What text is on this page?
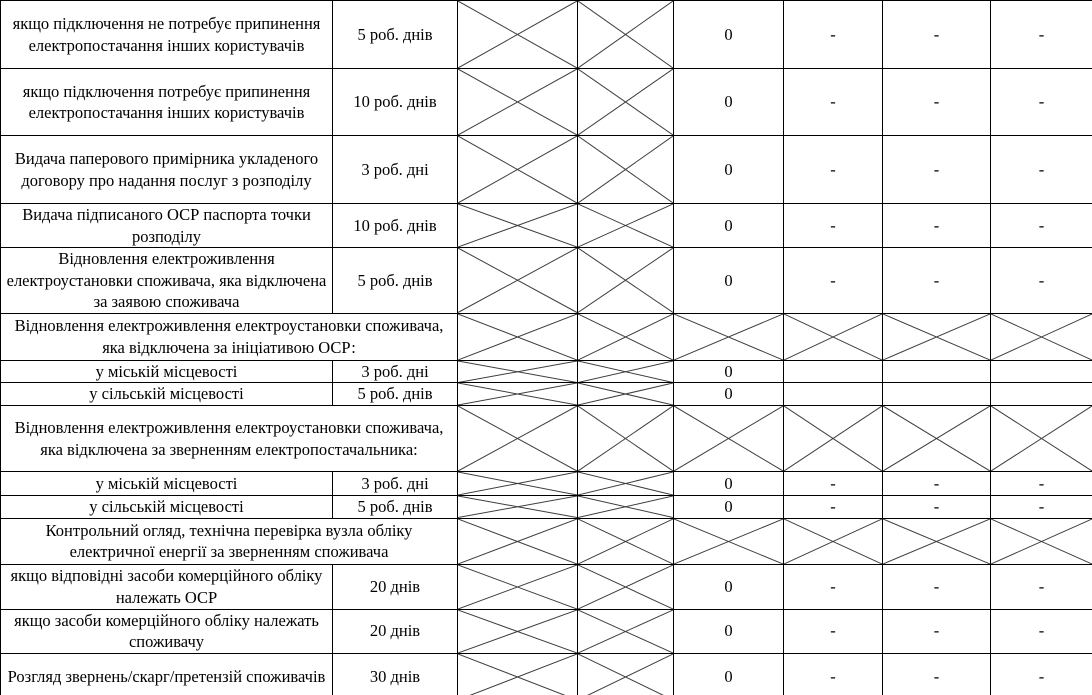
якщо підключення не потребує припинення електропостачання інших користувачів	5 роб. днів			0	-	-	-
якщо підключення потребує припинення електропостачання інших користувачів	10 роб. днів			0	-	-	-
Видача паперового примірника укладеного договору про надання послуг з розподілу	3 роб. дні			0	-	-	-
Видача підписаного ОСР паспорта точки розподілу	10 роб. днів			0	-	-	-
Відновлення електроживлення електроустановки споживача, яка відключена за заявою споживача	5 роб. днів			0	-	-	-
Відновлення електроживлення електроустановки споживача, яка відключена за ініціативою ОСР:	

у міській місцевості	3 роб. дні			0			
у сільській місцевості	5 роб. днів			0			
Відновлення електроживлення електроустановки споживача, яка відключена за зверненням електропостачальника:	

у міській місцевості	3 роб. дні			0	-	-	-
у сільській місцевості	5 роб. днів			0	-	-	-
Контрольний огляд, технічна перевірка вузла обліку електричної енергії за зверненням споживача	

якщо відповідні засоби комерційного обліку належать ОСР	20 днів			0	-	-	-
якщо засоби комерційного обліку належать споживачу	20 днів			0	-	-	-
Розгляд звернень/скарг/претензій споживачів	30 днів			0	-	-	-
